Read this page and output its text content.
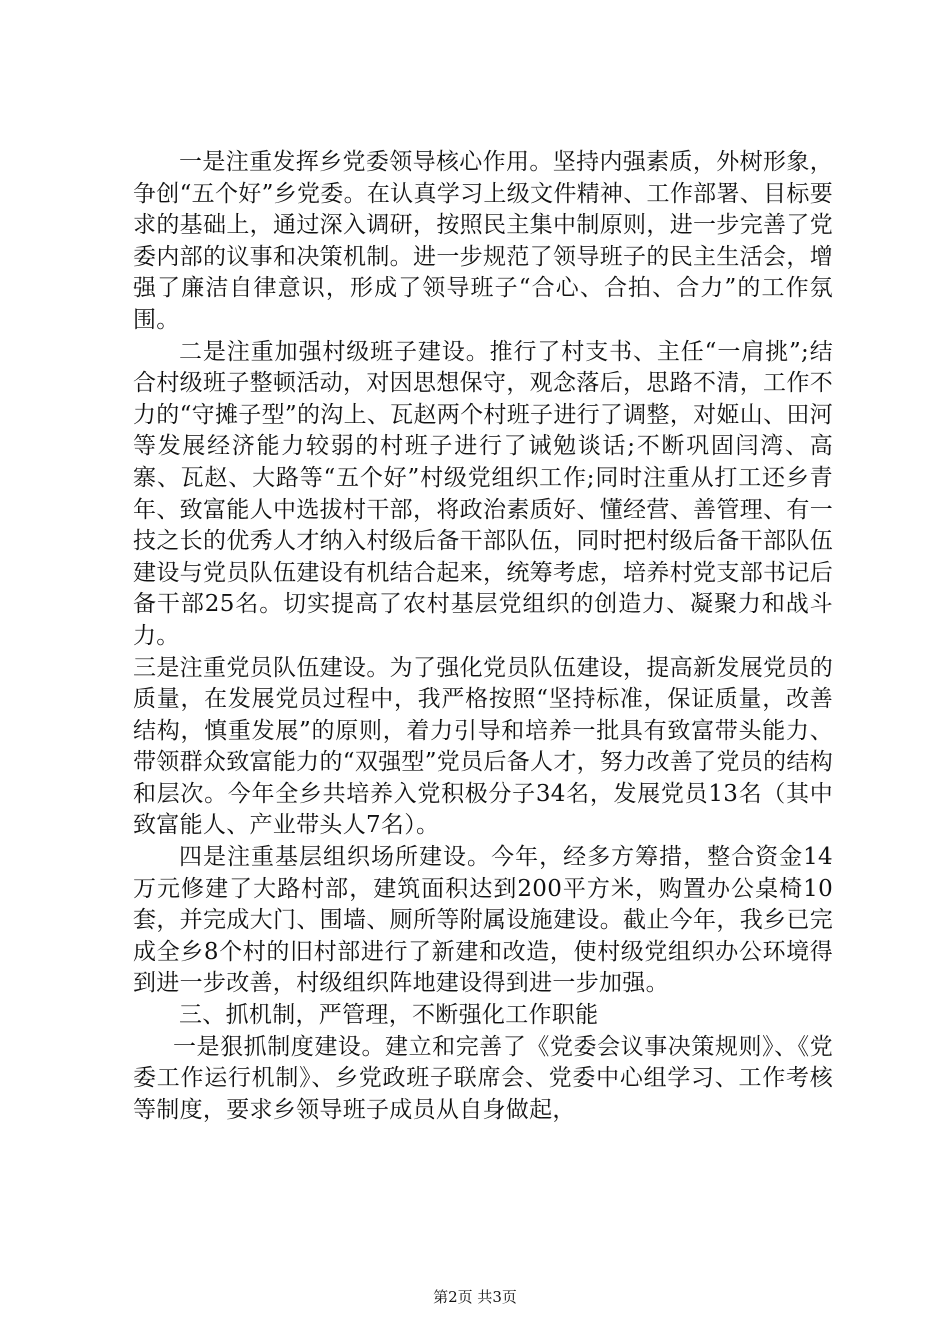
一是注重发挥乡党委领导核心作用。坚持内强素质，外树形象，争创“五个好”乡党委。在认真学习上级文件精神、工作部署、目标要求的基础上，通过深入调研，按照民主集中制原则，进一步完善了党委内部的议事和决策机制。进一步规范了领导班子的民主生活会，增强了廉洁自律意识，形成了领导班子“合心、合拍、合力”的工作氛围。

二是注重加强村级班子建设。推行了村支书、主任“一肩挑”;结合村级班子整顿活动，对因思想保守，观念落后，思路不清，工作不力的“守摊子型”的沟上、瓦赵两个村班子进行了调整，对姬山、田河等发展经济能力较弱的村班子进行了诫勉谈话;不断巩固闫湾、高寨、瓦赵、大路等“五个好”村级党组织工作;同时注重从打工还乡青年、致富能人中选拔村干部，将政治素质好、懂经营、善管理、有一技之长的优秀人才纳入村级后备干部队伍，同时把村级后备干部队伍建设与党员队伍建设有机结合起来，统筹考虑，培养村党支部书记后备干部25名。切实提高了农村基层党组织的创造力、凝聚力和战斗力。

三是注重党员队伍建设。为了强化党员队伍建设，提高新发展党员的质量，在发展党员过程中，我严格按照“坚持标准，保证质量，改善结构，慎重发展”的原则，着力引导和培养一批具有致富带头能力、带领群众致富能力的“双强型”党员后备人才，努力改善了党员的结构和层次。今年全乡共培养入党积极分子34名，发展党员13名（其中致富能人、产业带头人7名）。

四是注重基层组织场所建设。今年，经多方筹措，整合资金14万元修建了大路村部，建筑面积达到200平方米，购置办公桌椅10套，并完成大门、围墙、厕所等附属设施建设。截止今年，我乡已完成全乡8个村的旧村部进行了新建和改造，使村级党组织办公环境得到进一步改善，村级组织阵地建设得到进一步加强。

三、抓机制，严管理，不断强化工作职能

一是狠抓制度建设。建立和完善了《党委会议事决策规则》、《党委工作运行机制》、乡党政班子联席会、党委中心组学习、工作考核等制度，要求乡领导班子成员从自身做起，

第2页 共3页
